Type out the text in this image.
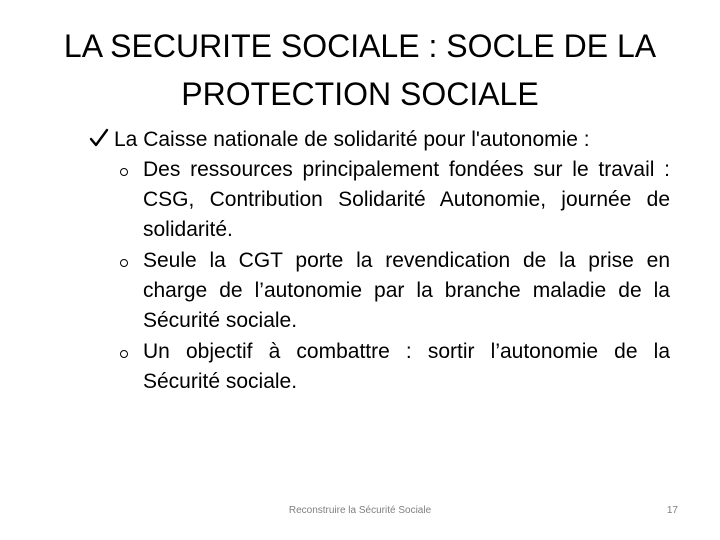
LA SECURITE SOCIALE : SOCLE DE LA PROTECTION SOCIALE
La Caisse nationale de solidarité pour l'autonomie :
Des ressources principalement fondées sur le travail : CSG, Contribution Solidarité Autonomie, journée de solidarité.
Seule la CGT porte la revendication de la prise en charge de l’autonomie par la branche maladie de la Sécurité sociale.
Un objectif à combattre : sortir l’autonomie de la Sécurité sociale.
Reconstruire la Sécurité Sociale	17
